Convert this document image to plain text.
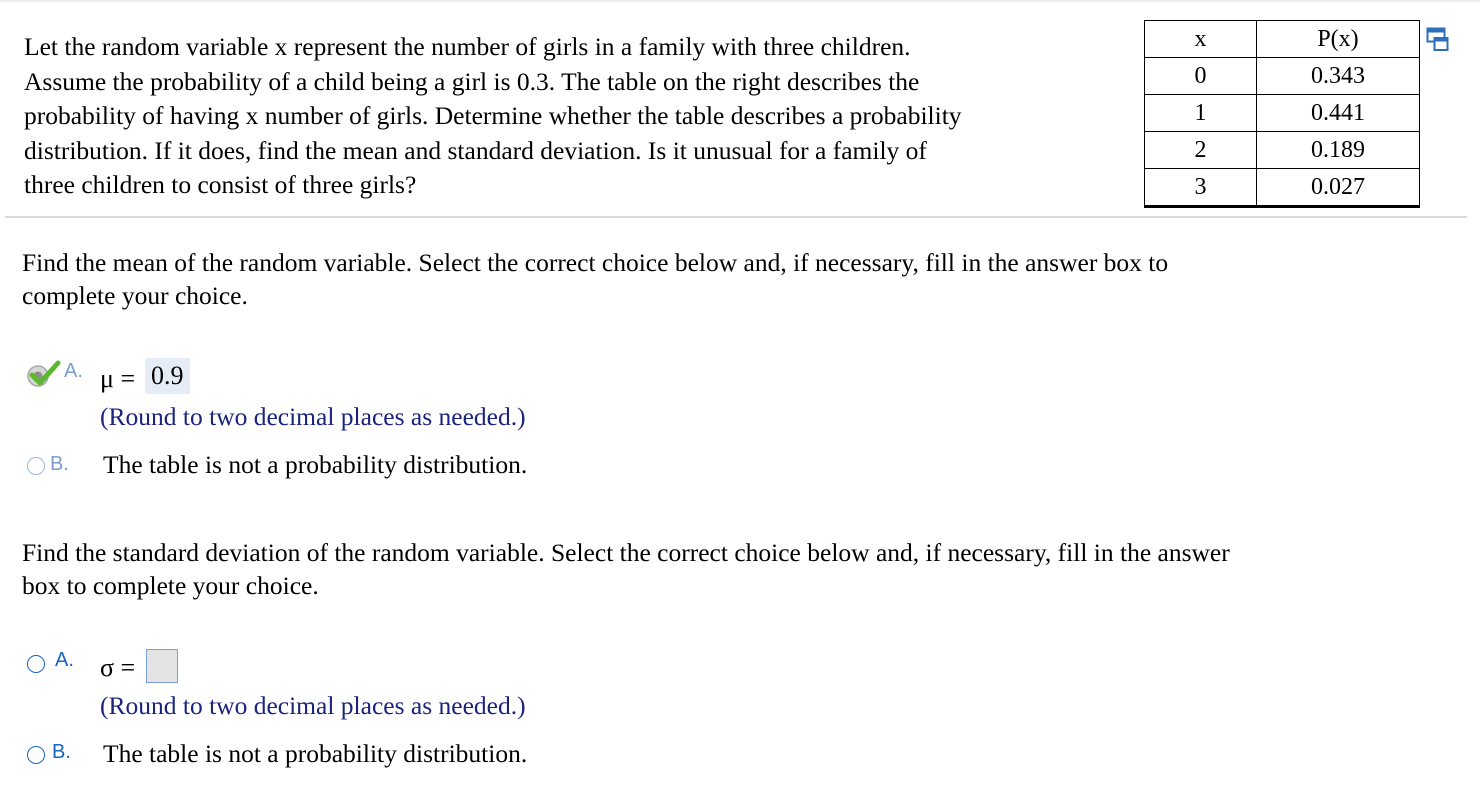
Let the random variable x represent the number of girls in a family with three children.
Assume the probability of a child being a girl is 0.3. The table on the right describes the
probability of having x number of girls. Determine whether the table describes a probability
distribution. If it does, find the mean and standard deviation. Is it unusual for a family of
three children to consist of three girls?
x	P(x)
0	0.343
1	0.441
2	0.189
3	0.027
Find the mean of the random variable. Select the correct choice below and, if necessary, fill in the answer box to
complete your choice.
A. μ = 0.9
(Round to two decimal places as needed.)
B. The table is not a probability distribution.
Find the standard deviation of the random variable. Select the correct choice below and, if necessary, fill in the answer
box to complete your choice.
A. σ =
(Round to two decimal places as needed.)
B. The table is not a probability distribution.
